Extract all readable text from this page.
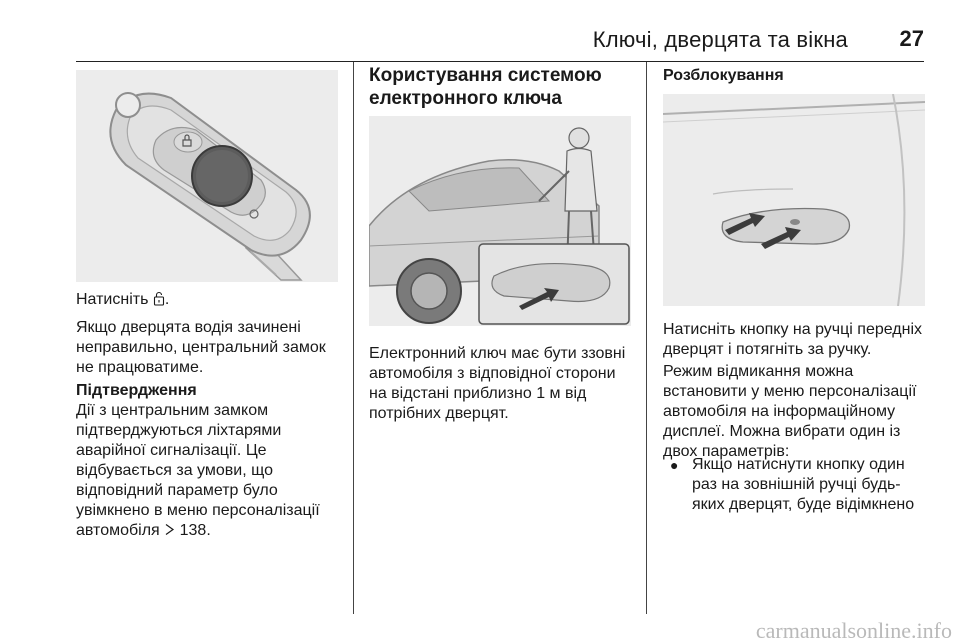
Ключі, дверцята та вікна 27
Натисніть .
Якщо дверцята водія зачинені неправильно, центральний замок не працюватиме.
Підтвердження
Дії з центральним замком підтверджуються ліхтарями аварійної сигналізації. Це відбувається за умови, що відповідний параметр було увімкнено в меню персоналізації автомобіля 138.
Користування системою електронного ключа
Електронний ключ має бути ззовні автомобіля з відповідної сторони на відстані приблизно 1 м від потрібних дверцят.
Розблокування
Натисніть кнопку на ручці передніх дверцят і потягніть за ручку.
Режим відмикання можна встановити у меню персоналізації автомобіля на інформаційному дисплеї. Можна вибрати один із двох параметрів:
● Якщо натиснути кнопку один раз на зовнішній ручці будь-яких дверцят, буде відімкнено
carmanualsonline.info
